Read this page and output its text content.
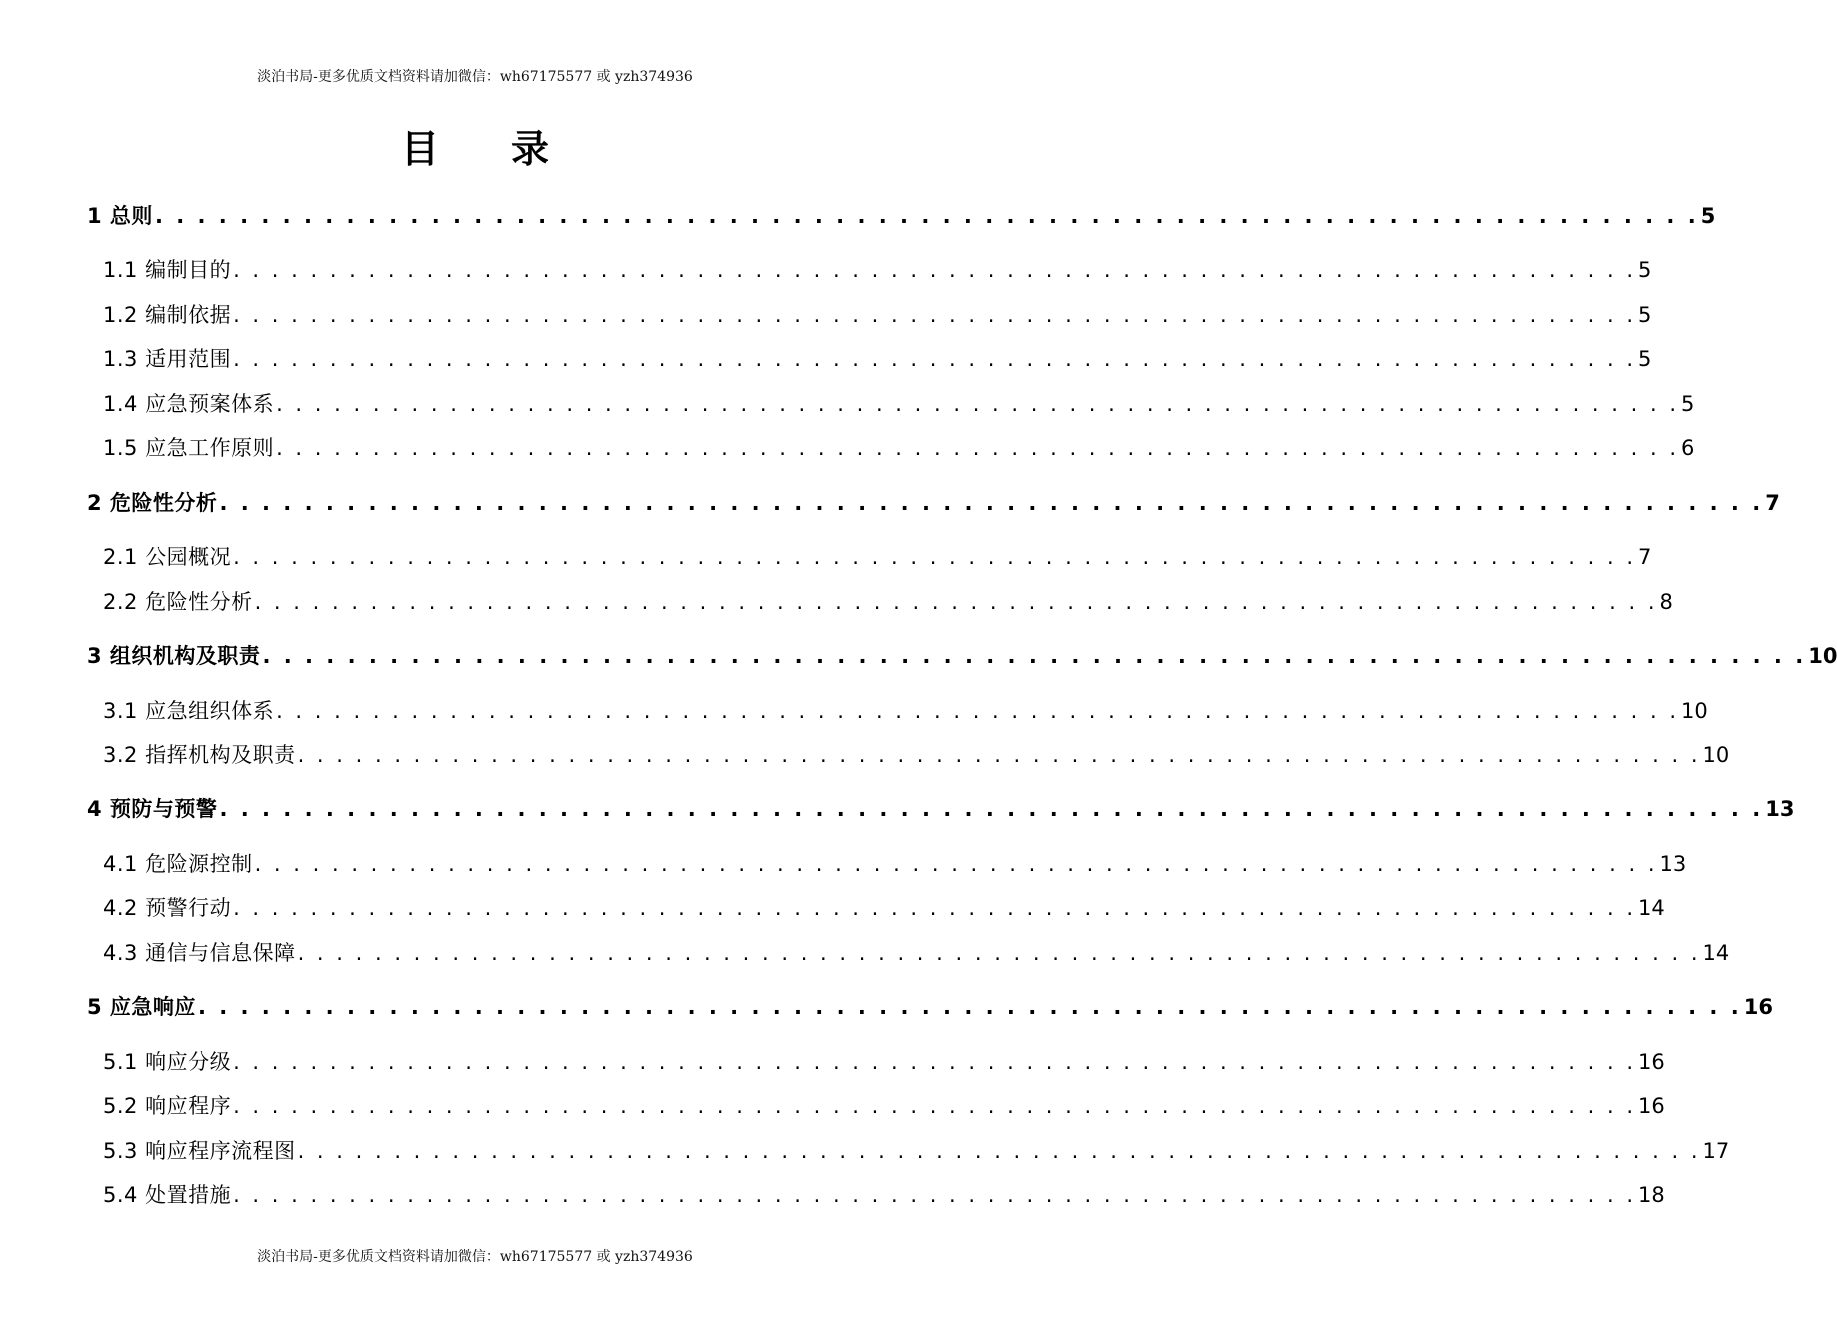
淡泊书局-更多优质文档资料请加微信：wh67175577 或 yzh374936
目录
1 总则 . . . . . . . . . . . . . . . . . . . . . . . . . . . . . . . . . . . . . . . . . . . . . . . . . . . . . . . . . . . . . . . . . . . . . . . . . 5
1.1 编制目的 . . . . . . . . . . . . . . . . . . . . . . . . . . . . . . . . . . . . . . . . . . . . . . . . . . . . . . . . . . . . . . . . . . . . . . . . . 5
1.2 编制依据 . . . . . . . . . . . . . . . . . . . . . . . . . . . . . . . . . . . . . . . . . . . . . . . . . . . . . . . . . . . . . . . . . . . . . . . . . 5
1.3 适用范围 . . . . . . . . . . . . . . . . . . . . . . . . . . . . . . . . . . . . . . . . . . . . . . . . . . . . . . . . . . . . . . . . . . . . . . . . . 5
1.4 应急预案体系 . . . . . . . . . . . . . . . . . . . . . . . . . . . . . . . . . . . . . . . . . . . . . . . . . . . . . . . . . . . . . . . . . . . . . . . . . 5
1.5 应急工作原则 . . . . . . . . . . . . . . . . . . . . . . . . . . . . . . . . . . . . . . . . . . . . . . . . . . . . . . . . . . . . . . . . . . . . . . . . . 6
2 危险性分析 . . . . . . . . . . . . . . . . . . . . . . . . . . . . . . . . . . . . . . . . . . . . . . . . . . . . . . . . . . . . . . . . . . . . . . . . . 7
2.1 公园概况 . . . . . . . . . . . . . . . . . . . . . . . . . . . . . . . . . . . . . . . . . . . . . . . . . . . . . . . . . . . . . . . . . . . . . . . . . 7
2.2 危险性分析 . . . . . . . . . . . . . . . . . . . . . . . . . . . . . . . . . . . . . . . . . . . . . . . . . . . . . . . . . . . . . . . . . . . . . . . . . 8
3 组织机构及职责 . . . . . . . . . . . . . . . . . . . . . . . . . . . . . . . . . . . . . . . . . . . . . . . . . . . . . . . . . . . . . . . . . . . . . . . . . 10
3.1 应急组织体系 . . . . . . . . . . . . . . . . . . . . . . . . . . . . . . . . . . . . . . . . . . . . . . . . . . . . . . . . . . . . . . . . . . . . . . . . . 10
3.2 指挥机构及职责 . . . . . . . . . . . . . . . . . . . . . . . . . . . . . . . . . . . . . . . . . . . . . . . . . . . . . . . . . . . . . . . . . . . . . . . . . 10
4 预防与预警 . . . . . . . . . . . . . . . . . . . . . . . . . . . . . . . . . . . . . . . . . . . . . . . . . . . . . . . . . . . . . . . . . . . . . . . . . 13
4.1 危险源控制 . . . . . . . . . . . . . . . . . . . . . . . . . . . . . . . . . . . . . . . . . . . . . . . . . . . . . . . . . . . . . . . . . . . . . . . . . 13
4.2 预警行动 . . . . . . . . . . . . . . . . . . . . . . . . . . . . . . . . . . . . . . . . . . . . . . . . . . . . . . . . . . . . . . . . . . . . . . . . . 14
4.3 通信与信息保障 . . . . . . . . . . . . . . . . . . . . . . . . . . . . . . . . . . . . . . . . . . . . . . . . . . . . . . . . . . . . . . . . . . . . . . . . . 14
5 应急响应 . . . . . . . . . . . . . . . . . . . . . . . . . . . . . . . . . . . . . . . . . . . . . . . . . . . . . . . . . . . . . . . . . . . . . . . . . 16
5.1 响应分级 . . . . . . . . . . . . . . . . . . . . . . . . . . . . . . . . . . . . . . . . . . . . . . . . . . . . . . . . . . . . . . . . . . . . . . . . . 16
5.2 响应程序 . . . . . . . . . . . . . . . . . . . . . . . . . . . . . . . . . . . . . . . . . . . . . . . . . . . . . . . . . . . . . . . . . . . . . . . . . 16
5.3 响应程序流程图 . . . . . . . . . . . . . . . . . . . . . . . . . . . . . . . . . . . . . . . . . . . . . . . . . . . . . . . . . . . . . . . . . . . . . . . . . 17
5.4 处置措施 . . . . . . . . . . . . . . . . . . . . . . . . . . . . . . . . . . . . . . . . . . . . . . . . . . . . . . . . . . . . . . . . . . . . . . . . . 18
淡泊书局-更多优质文档资料请加微信：wh67175577 或 yzh374936
